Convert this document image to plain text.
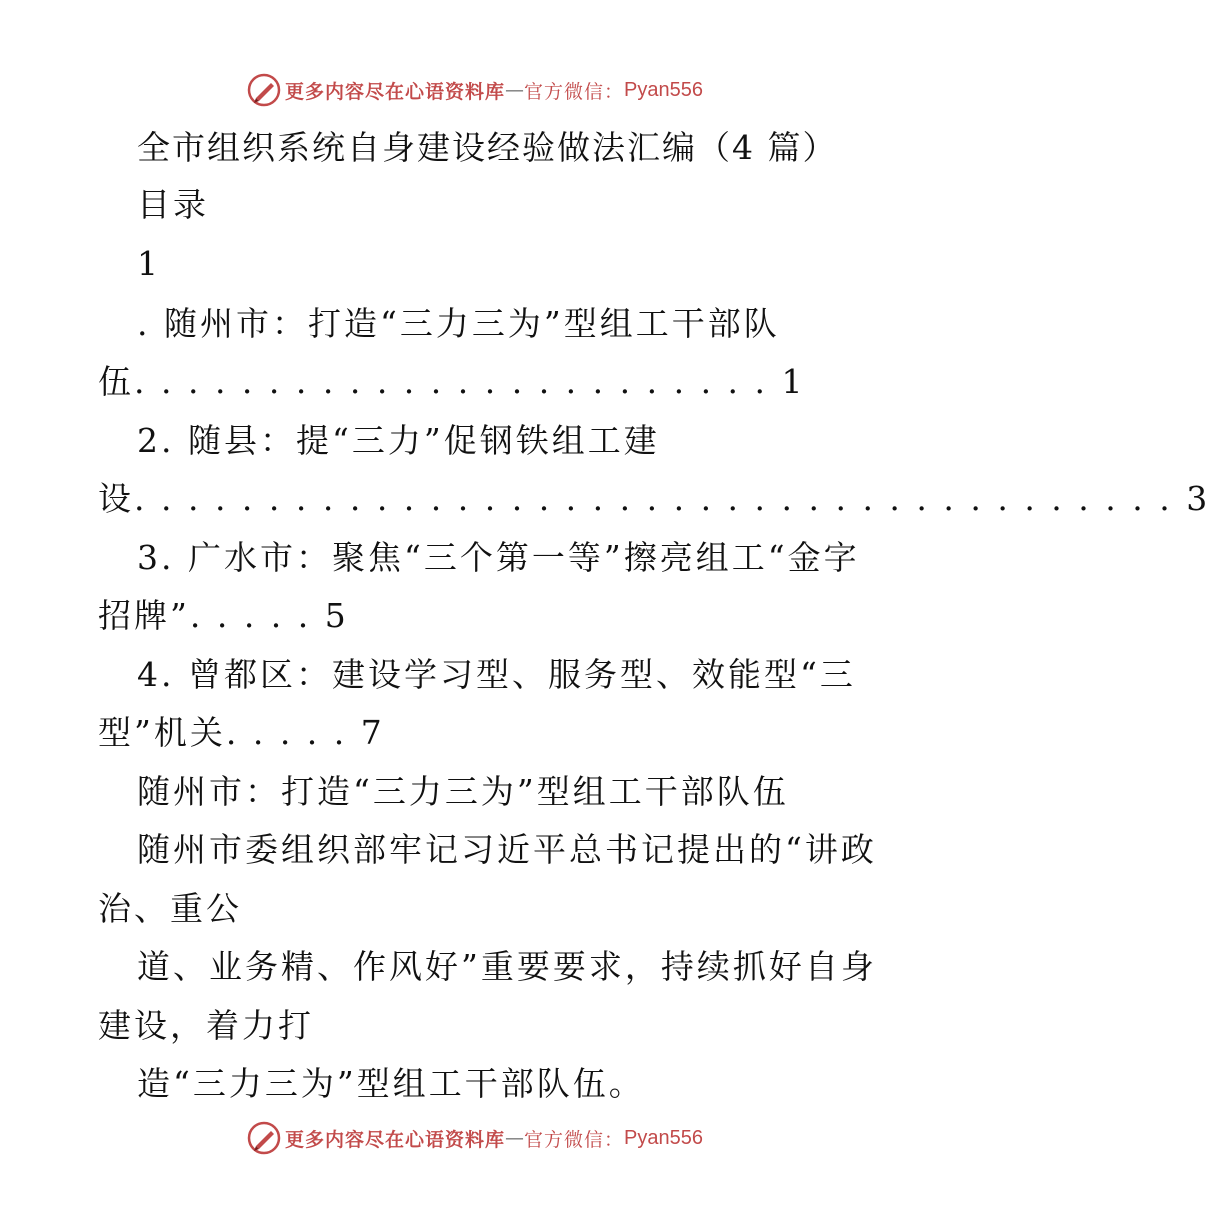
更多内容尽在心语资料库 — 官方微信： Pyan556
全市组织系统自身建设经验做法汇编（4 篇）
目录
1
. 随州市：打造“三力三为”型组工干部队
伍. . . . . . . . . . . . . . . . . . . . . . . . 1
2. 随县：提“三力”促钢铁组工建
设. . . . . . . . . . . . . . . . . . . . . . . . . . . . . . . . . . . . . . . 3
3. 广水市：聚焦“三个第一等”擦亮组工“金字
招牌”. . . . . 5
4. 曾都区：建设学习型、服务型、效能型“三
型”机关. . . . . 7
随州市：打造“三力三为”型组工干部队伍
随州市委组织部牢记习近平总书记提出的“讲政
治、重公
道、业务精、作风好”重要要求，持续抓好自身
建设，着力打
造“三力三为”型组工干部队伍。
更多内容尽在心语资料库 — 官方微信： Pyan556
